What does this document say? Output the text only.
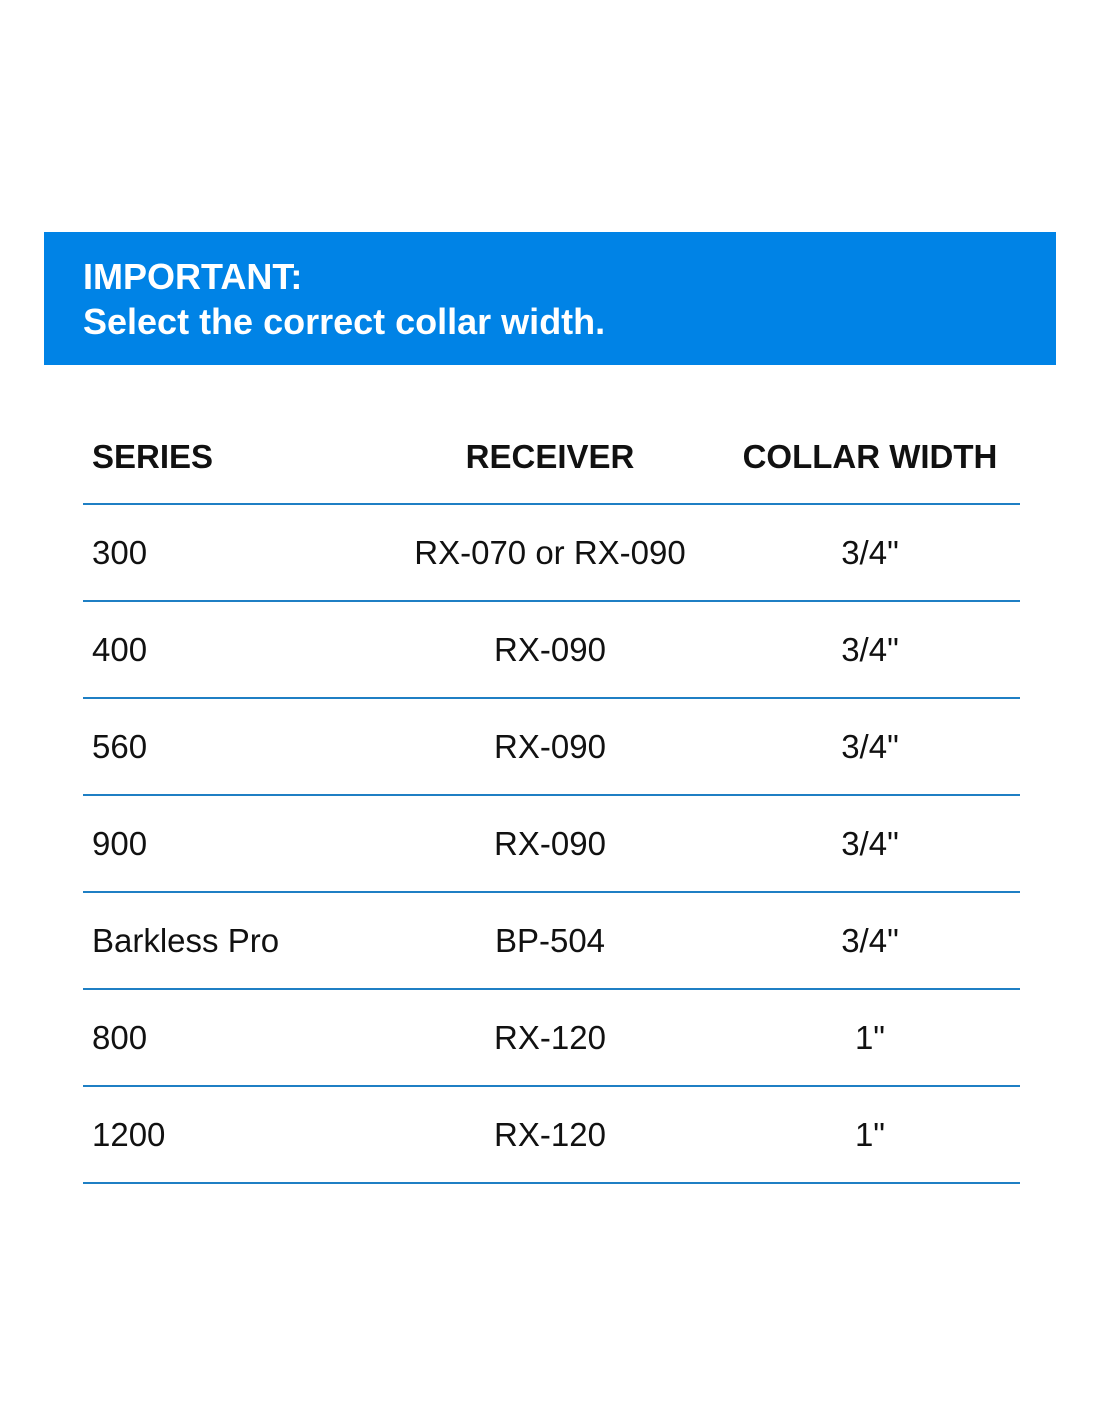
IMPORTANT:
Select the correct collar width.
SERIES	RECEIVER	COLLAR WIDTH
300	RX-070 or RX-090	3/4"
400	RX-090	3/4"
560	RX-090	3/4"
900	RX-090	3/4"
Barkless Pro	BP-504	3/4"
800	RX-120	1"
1200	RX-120	1"
